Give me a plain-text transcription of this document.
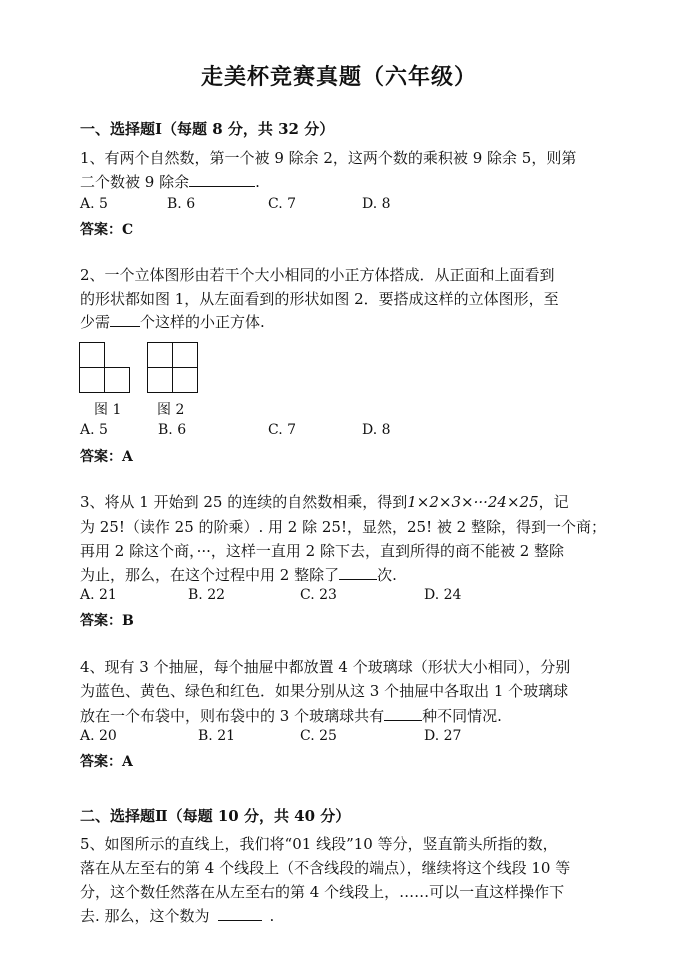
走美杯竞赛真题（六年级）
一、选择题Ⅰ（每题 8 分，共 32 分）
1、有两个自然数，第一个被 9 除余 2，这两个数的乘积被 9 除余 5，则第
二个数被 9 除余	.
A. 5	B. 6	C. 7	D. 8
答案：C
2、一个立体图形由若干个大小相同的小正方体搭成．从正面和上面看到
的形状都如图 1，从左面看到的形状如图 2．要搭成这样的立体图形，至
少需 个这样的小正方体.
图 1	图 2
A. 5	B. 6	C. 7	D. 8
答案：A
3、将从 1 开始到 25 的连续的自然数相乘，得到1×2×3×···24×25，记
为 25!（读作 25 的阶乘）. 用 2 除 25!，显然，25! 被 2 整除，得到一个商；
再用 2 除这个商，···，这样一直用 2 除下去，直到所得的商不能被 2 整除
为止，那么，在这个过程中用 2 整除了	次.
A. 21	B. 22	C. 23	D. 24
答案：B
4、现有 3 个抽屉，每个抽屉中都放置 4 个玻璃球（形状大小相同），分别
为蓝色、黄色、绿色和红色．如果分别从这 3 个抽屉中各取出 1 个玻璃球
放在一个布袋中，则布袋中的 3 个玻璃球共有	种不同情况.
A. 20	B. 21	C. 25	D. 27
答案：A
二、选择题Ⅱ（每题 10 分，共 40 分）
5、如图所示的直线上，我们将“01 线段”10 等分，竖直箭头所指的数，
落在从左至右的第 4 个线段上（不含线段的端点），继续将这个线段 10 等
分，这个数任然落在从左至右的第 4 个线段上，……可以一直这样操作下
去. 那么，这个数为	.
